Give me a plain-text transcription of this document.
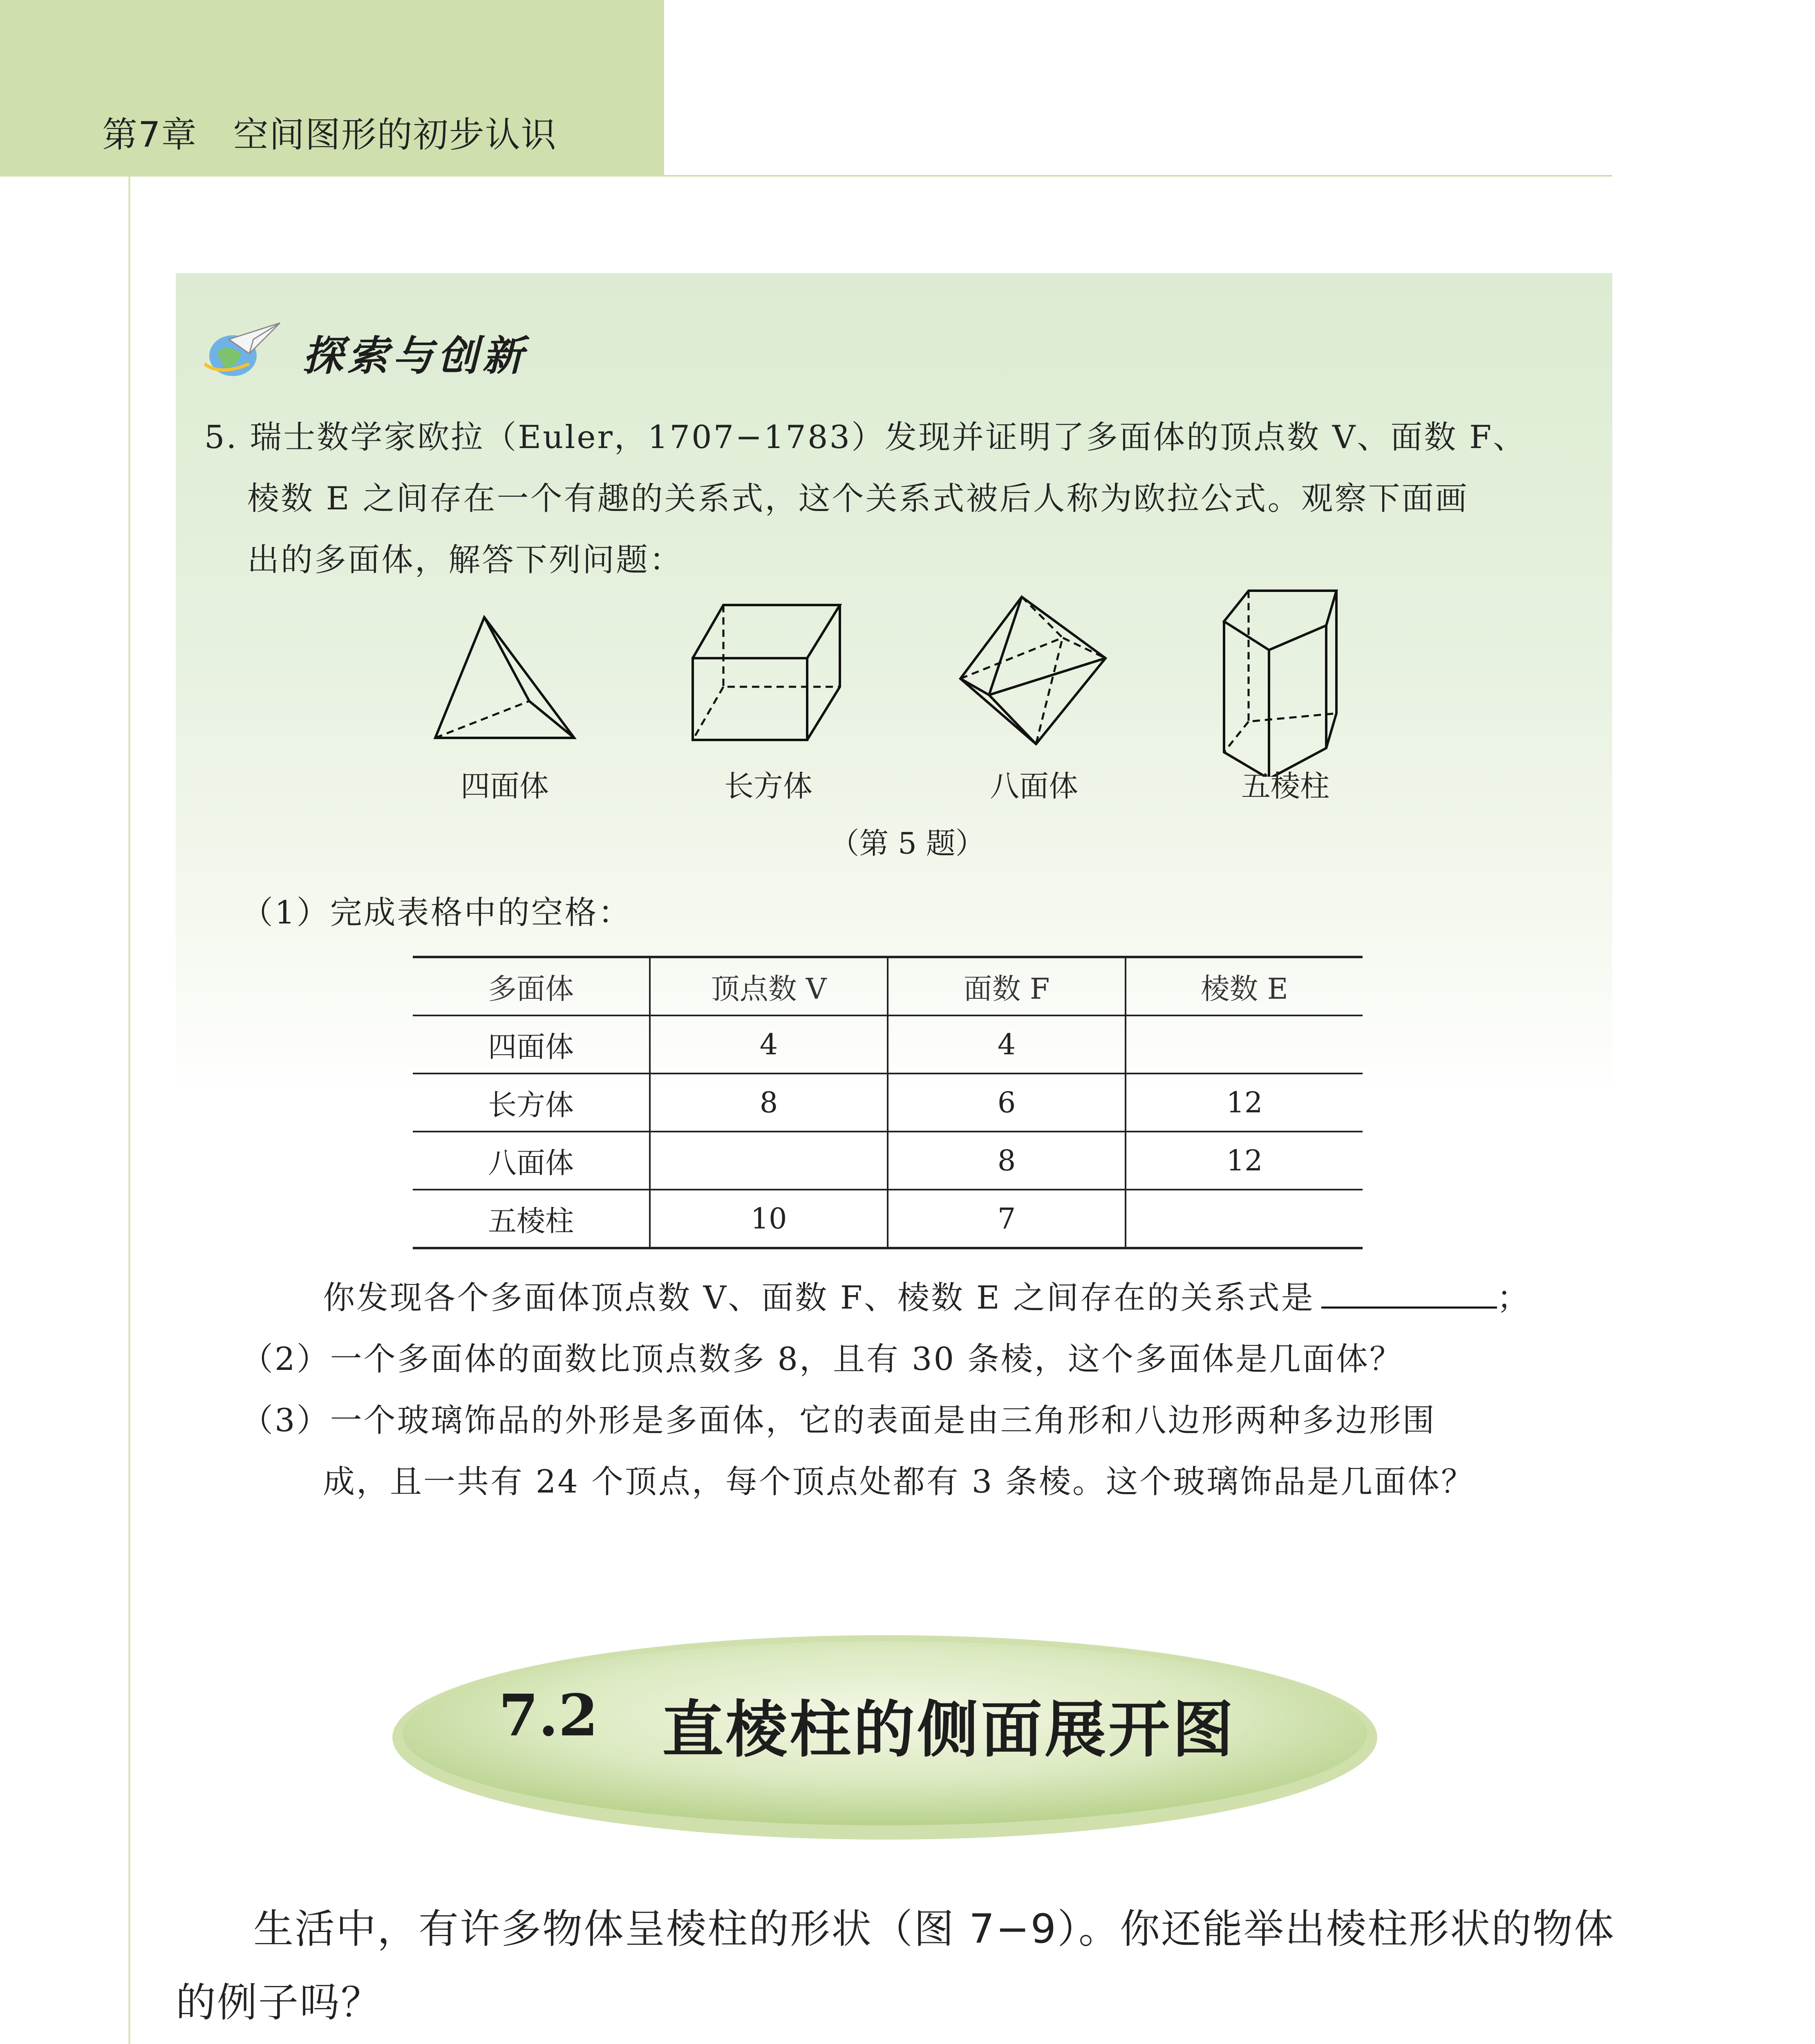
第7章　空间图形的初步认识
探索与创新
5. 瑞士数学家欧拉（Euler，1707−1783）发现并证明了多面体的顶点数 V、面数 F、
棱数 E 之间存在一个有趣的关系式，这个关系式被后人称为欧拉公式。观察下面画
出的多面体，解答下列问题：
四面体	长方体	八面体	五棱柱
（第 5 题）
（1）完成表格中的空格：
多面体	顶点数 V	面数 F	棱数 E
四面体	4	4	
长方体	8	6	12
八面体		8	12
五棱柱	10	7	
你发现各个多面体顶点数 V、面数 F、棱数 E 之间存在的关系式是	；
（2）一个多面体的面数比顶点数多 8，且有 30 条棱，这个多面体是几面体？
（3）一个玻璃饰品的外形是多面体，它的表面是由三角形和八边形两种多边形围
成，且一共有 24 个顶点，每个顶点处都有 3 条棱。这个玻璃饰品是几面体？
7.2 直棱柱的侧面展开图
生活中，有许多物体呈棱柱的形状（图 7−9）。你还能举出棱柱形状的物体
的例子吗？
